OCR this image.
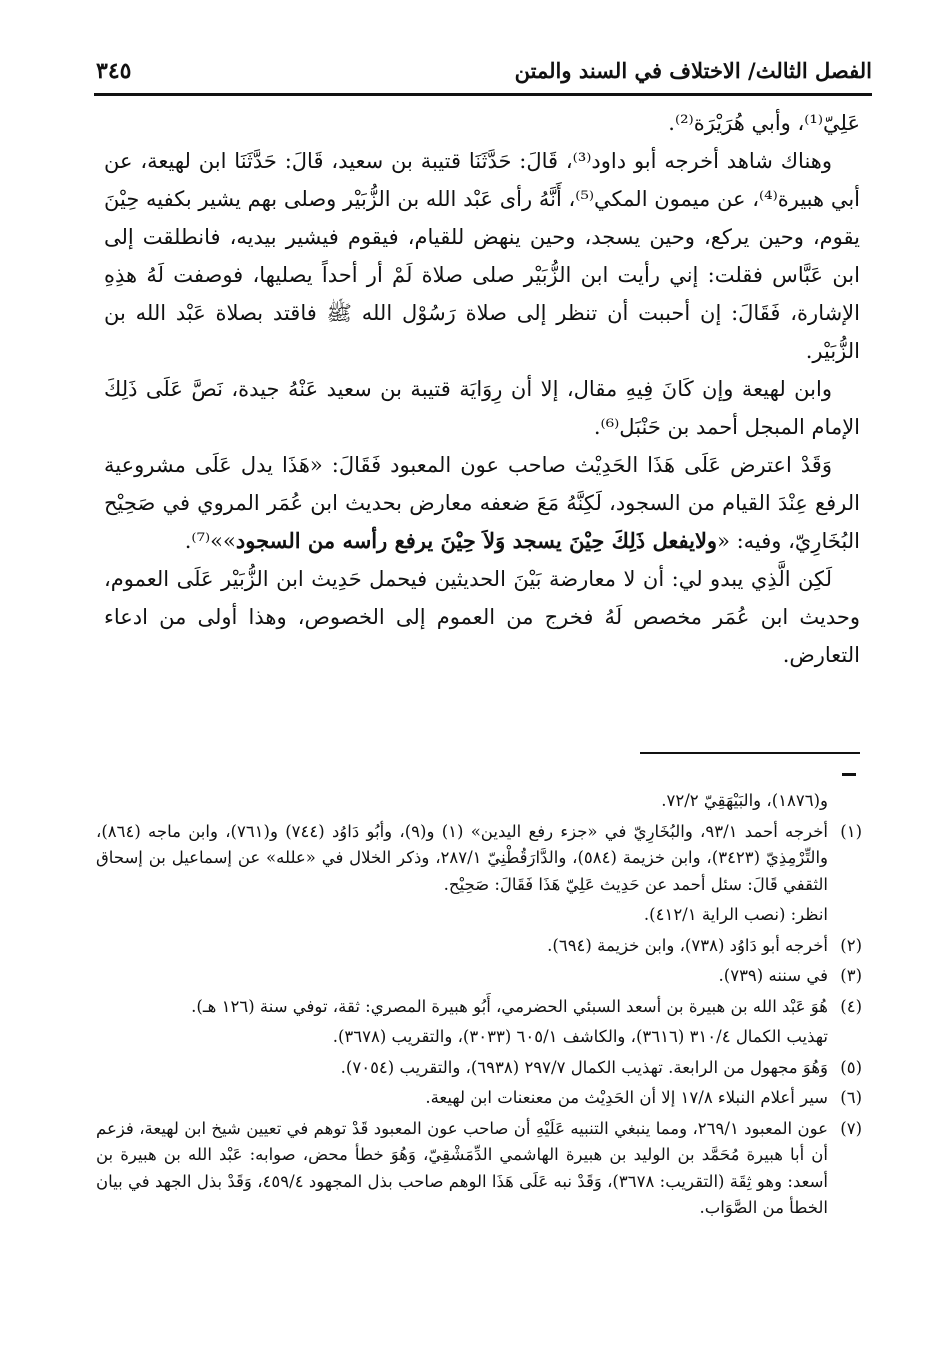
الفصل الثالث/ الاختلاف في السند والمتن
٣٤٥

عَلِيّ⁽¹⁾، وأبي هُرَيْرَة⁽²⁾.

وهناك شاهد أخرجه أبو داود⁽³⁾، قَالَ: حَدَّثَنَا قتيبة بن سعيد، قَالَ: حَدَّثَنَا ابن لهيعة، عن أبي هبيرة⁽⁴⁾، عن ميمون المكي⁽⁵⁾، أَنَّهُ رأى عَبْد الله بن الزُّبَيْر وصلى بهم يشير بكفيه حِيْنَ يقوم، وحين يركع، وحين يسجد، وحين ينهض للقيام، فيقوم فيشير بيديه، فانطلقت إلى ابن عَبَّاس فقلت: إني رأيت ابن الزُّبَيْر صلى صلاة لَمْ أر أحداً يصليها، فوصفت لَهُ هذِهِ الإشارة، فَقَالَ: إن أحببت أن تنظر إلى صلاة رَسُوْل الله ﷺ فاقتد بصلاة عَبْد الله بن الزُّبَيْر.

وابن لهيعة وإن كَانَ فِيهِ مقال، إلا أن رِوَايَة قتيبة بن سعيد عَنْهُ جيدة، نَصَّ عَلَى ذَلِكَ الإمام المبجل أحمد بن حَنْبَل⁽⁶⁾.

وَقَدْ اعترض عَلَى هَذَا الحَدِيْث صاحب عون المعبود فَقَالَ: «هَذَا يدل عَلَى مشروعية الرفع عِنْدَ القيام من السجود، لَكِنَّهُ مَعَ ضعفه معارض بحديث ابن عُمَر المروي في صَحِيْح البُخَارِيّ، وفيه: «ولايفعل ذَلِكَ حِيْنَ يسجد وَلاَ حِيْنَ يرفع رأسه من السجود»»⁽⁷⁾.

لَكِن الَّذِي يبدو لي: أن لا معارضة بَيْنَ الحديثين فيحمل حَدِيث ابن الزُّبَيْر عَلَى العموم، وحديث ابن عُمَر مخصص لَهُ فخرج من العموم إلى الخصوص، وهذا أولى من ادعاء التعارض.

و(١٨٧٦)، والبَيْهَقِيّ ٧٢/٢.

(١)
أخرجه أحمد ٩٣/١، والبُخَارِيّ في «جزء رفع اليدين» (١) و(٩)، وأبُو دَاوُد (٧٤٤) و(٧٦١)، وابن ماجه (٨٦٤)، والتِّرْمِذِيّ (٣٤٢٣)، وابن خزيمة (٥٨٤)، والدَّارَقُطْنِيّ ٢٨٧/١، وذكر الخلال في «علله» عن إسماعيل بن إسحاق الثقفي قَالَ: سئل أحمد عن حَدِيث عَلِيّ هَذَا فَقَالَ: صَحِيْح.

انظر: (نصب الراية ٤١٢/١).

(٢)
أخرجه أبو دَاوُد (٧٣٨)، وابن خزيمة (٦٩٤).
(٣)
في سننه (٧٣٩).
(٤)
هُوَ عَبْد الله بن هبيرة بن أسعد السبئي الحضرمي، أَبُو هبيرة المصري: ثقة، توفي سنة (١٢٦ هـ).

تهذيب الكمال ٣١٠/٤ (٣٦١٦)، والكاشف ٦٠٥/١ (٣٠٣٣)، والتقريب (٣٦٧٨).

(٥)
وَهُوَ مجهول من الرابعة. تهذيب الكمال ٢٩٧/٧ (٦٩٣٨)، والتقريب (٧٠٥٤).
(٦)
سير أعلام النبلاء ١٧/٨ إلا أن الحَدِيْث من معنعنات ابن لهيعة.
(٧)
عون المعبود ٢٦٩/١، ومما ينبغي التنبيه عَلَيْهِ أن صاحب عون المعبود قَدْ توهم في تعيين شيخ ابن لهيعة، فزعم أن أبا هبيرة مُحَمَّد بن الوليد بن هبيرة الهاشمي الدِّمَشْقِيّ، وَهُوَ خطأ محض، صوابه: عَبْد الله بن هبيرة بن أسعد: وهو ثِقَة (التقريب: ٣٦٧٨)، وَقَدْ نبه عَلَى هَذَا الوهم صاحب بذل المجهود ٤٥٩/٤، وَقَدْ بذل الجهد في بيان الخطأ من الصَّوَاب.
